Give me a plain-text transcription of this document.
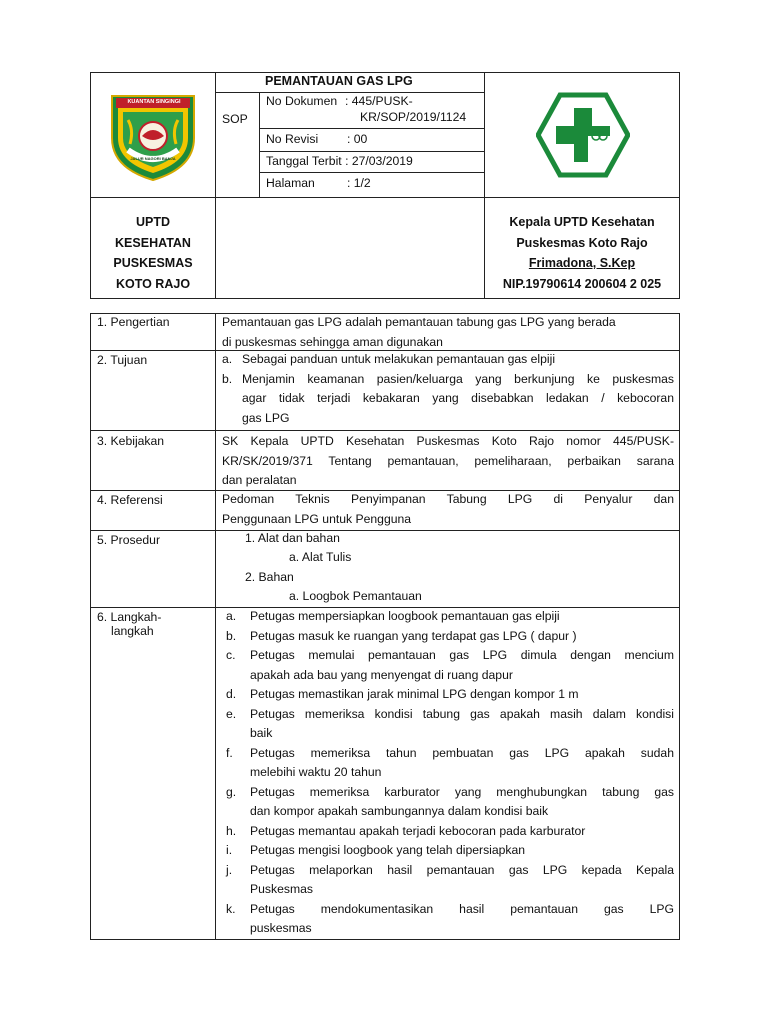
KUANTAN SINGINGI
JALUR NAGORI BANJA
PEMANTAUAN GAS LPG
SOP
No Dokumen : 445/PUSK-
KR/SOP/2019/1124
No Revisi : 00
Tanggal Terbit : 27/03/2019
Halaman	: 1/2
UPTD
KESEHATAN
PUSKESMAS
KOTO RAJO
Kepala UPTD Kesehatan
Puskesmas Koto Rajo
Frimadona, S.Kep
NIP.19790614 200604 2 025
1. Pengertian	Pemantauan gas LPG adalah pemantauan tabung gas LPG yang berada
di puskesmas sehingga aman digunakan
2. Tujuan	a. Sebagai panduan untuk melakukan pemantauan gas elpiji
b. Menjamin keamanan pasien/keluarga yang berkunjung ke puskesmas
agar tidak terjadi kebakaran yang disebabkan ledakan / kebocoran
gas LPG
3. Kebijakan	SK Kepala UPTD Kesehatan Puskesmas Koto Rajo nomor 445/PUSK-
KR/SK/2019/371 Tentang pemantauan, pemeliharaan, perbaikan sarana
dan peralatan
4. Referensi	Pedoman Teknis Penyimpanan Tabung LPG di Penyalur dan
Penggunaan LPG untuk Pengguna
5. Prosedur	1. Alat dan bahan
a. Alat Tulis
2. Bahan
a. Loogbok Pemantauan
6. Langkah-
langkah
a.	Petugas mempersiapkan loogbook pemantauan gas elpiji
b.	Petugas masuk ke ruangan yang terdapat gas LPG ( dapur )
c.	Petugas memulai pemantauan gas LPG dimula dengan mencium
apakah ada bau yang menyengat di ruang dapur
d.	Petugas memastikan jarak minimal LPG dengan kompor 1 m
e.	Petugas memeriksa kondisi tabung gas apakah masih dalam kondisi
baik
f.	Petugas memeriksa tahun pembuatan gas LPG apakah sudah
melebihi waktu 20 tahun
g.	Petugas memeriksa karburator yang menghubungkan tabung gas
dan kompor apakah sambungannya dalam kondisi baik
h.	Petugas memantau apakah terjadi kebocoran pada karburator
i.	Petugas mengisi loogbook yang telah dipersiapkan
j.	Petugas melaporkan hasil pemantauan gas LPG kepada Kepala
Puskesmas
k.	Petugas mendokumentasikan hasil pemantauan gas LPG
puskesmas
